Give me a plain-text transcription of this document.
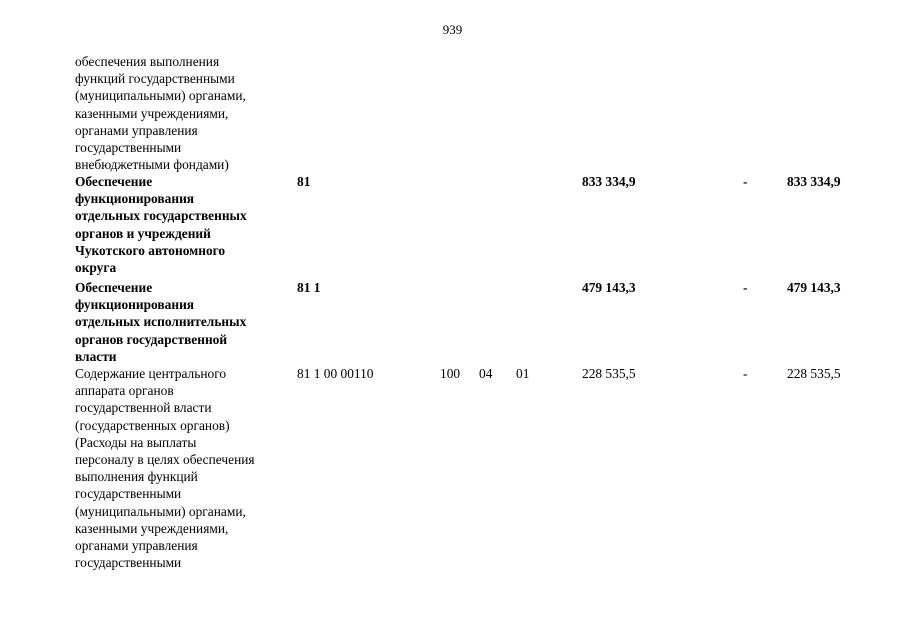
939
обеспечения выполнения
функций государственными
(муниципальными) органами,
казенными учреждениями,
органами управления
государственными
внебюджетными фондами)
Обеспечение
функционирования
отдельных государственных
органов и учреждений
Чукотского автономного
округа
81	833 334,9	-	833 334,9
Обеспечение
функционирования
отдельных исполнительных
органов государственной
власти
81 1	479 143,3	-	479 143,3
Содержание центрального
аппарата органов
государственной власти
(государственных органов)
(Расходы на выплаты
персоналу в целях обеспечения
выполнения функций
государственными
(муниципальными) органами,
казенными учреждениями,
органами управления
государственными
81 1 00 00110	100 04 01	228 535,5	-	228 535,5
